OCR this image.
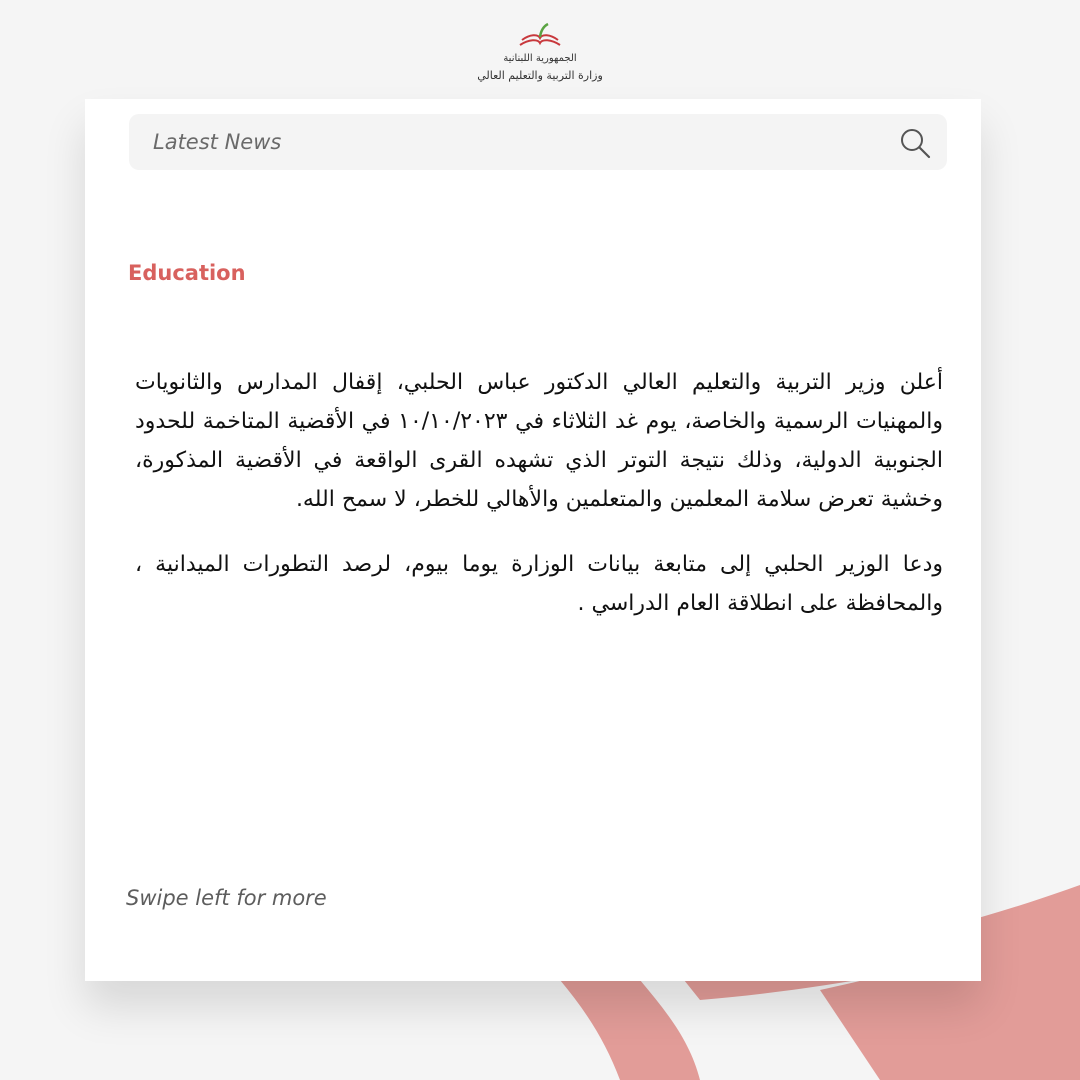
الجمهورية اللبنانية
وزارة التربية والتعليم العالي
Latest News
Education

أعلن وزير التربية والتعليم العالي الدكتور عباس الحلبي، إقفال المدارس والثانويات والمهنيات الرسمية والخاصة، يوم غد الثلاثاء في ١٠/١٠/٢٠٢٣ في الأقضية المتاخمة للحدود الجنوبية الدولية، وذلك نتيجة التوتر الذي تشهده القرى الواقعة في الأقضية المذكورة، وخشية تعرض سلامة المعلمين والمتعلمين والأهالي للخطر، لا سمح الله.

ودعا الوزير الحلبي إلى متابعة بيانات الوزارة يوما بيوم، لرصد التطورات الميدانية ، والمحافظة على انطلاقة العام الدراسي .

Swipe left for more
